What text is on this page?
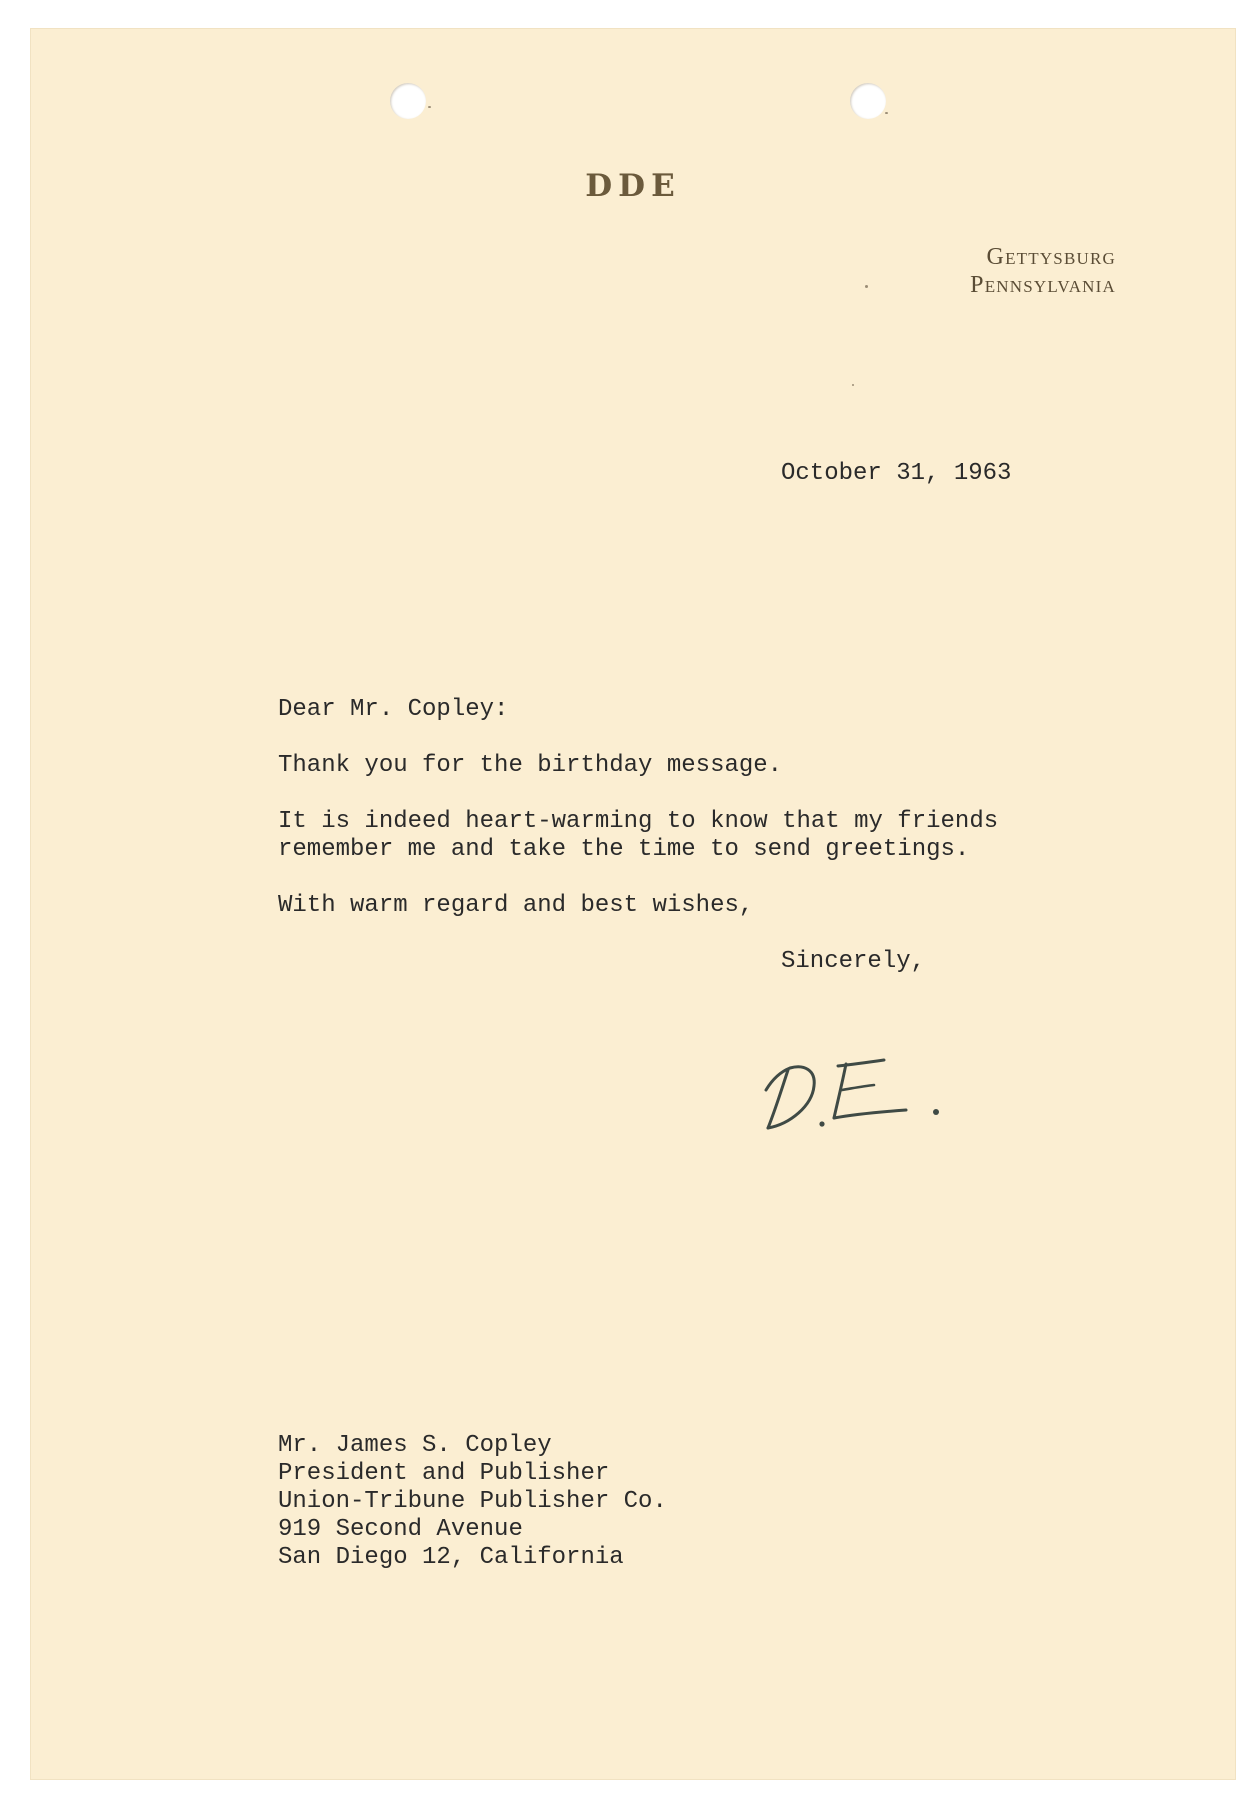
DDE
Gettysburg
Pennsylvania
October 31, 1963
Dear Mr. Copley:
Thank you for the birthday message.
It is indeed heart-warming to know that my friends
remember me and take the time to send greetings.
With warm regard and best wishes,
Sincerely,
Mr. James S. Copley
President and Publisher
Union-Tribune Publisher Co.
919 Second Avenue
San Diego 12, California
